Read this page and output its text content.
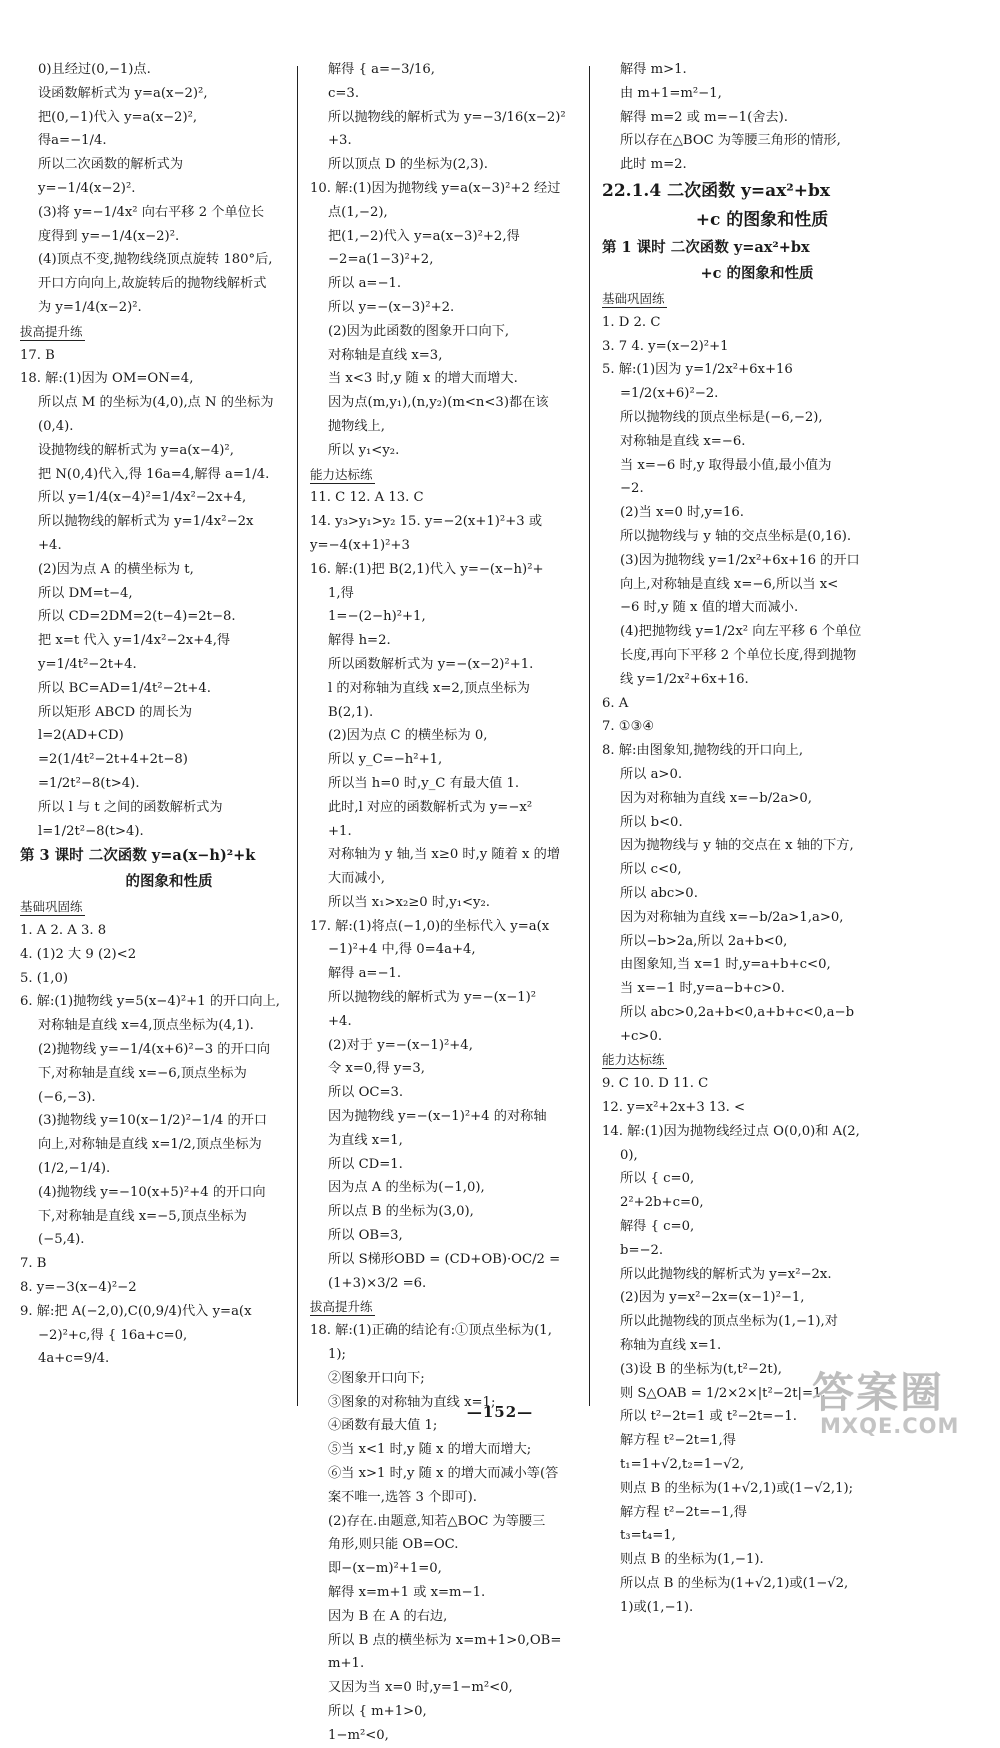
0)且经过(0,−1)点.
设函数解析式为 y=a(x−2)²,
把(0,−1)代入 y=a(x−2)²,
得a=−1/4.
所以二次函数的解析式为
y=−1/4(x−2)².
(3)将 y=−1/4x² 向右平移 2 个单位长
度得到 y=−1/4(x−2)².
(4)顶点不变,抛物线绕顶点旋转 180°后,
开口方向向上,故旋转后的抛物线解析式
为 y=1/4(x−2)².
拔高提升练
17. B
18. 解:(1)因为 OM=ON=4,
所以点 M 的坐标为(4,0),点 N 的坐标为
(0,4).
设抛物线的解析式为 y=a(x−4)²,
把 N(0,4)代入,得 16a=4,解得 a=1/4.
所以 y=1/4(x−4)²=1/4x²−2x+4,
所以抛物线的解析式为 y=1/4x²−2x
+4.
(2)因为点 A 的横坐标为 t,
所以 DM=t−4,
所以 CD=2DM=2(t−4)=2t−8.
把 x=t 代入 y=1/4x²−2x+4,得
y=1/4t²−2t+4.
所以 BC=AD=1/4t²−2t+4.
所以矩形 ABCD 的周长为
l=2(AD+CD)
=2(1/4t²−2t+4+2t−8)
=1/2t²−8(t>4).
所以 l 与 t 之间的函数解析式为
l=1/2t²−8(t>4).
第 3 课时 二次函数 y=a(x−h)²+k
的图象和性质
基础巩固练
1. A 2. A 3. 8
4. (1)2 大 9 (2)<2
5. (1,0)
6. 解:(1)抛物线 y=5(x−4)²+1 的开口向上,
对称轴是直线 x=4,顶点坐标为(4,1).
(2)抛物线 y=−1/4(x+6)²−3 的开口向
下,对称轴是直线 x=−6,顶点坐标为
(−6,−3).
(3)抛物线 y=10(x−1/2)²−1/4 的开口
向上,对称轴是直线 x=1/2,顶点坐标为
(1/2,−1/4).
(4)抛物线 y=−10(x+5)²+4 的开口向
下,对称轴是直线 x=−5,顶点坐标为
(−5,4).
7. B
8. y=−3(x−4)²−2
9. 解:把 A(−2,0),C(0,9/4)代入 y=a(x
−2)²+c,得 { 16a+c=0,
4a+c=9/4.
解得 { a=−3/16,
c=3.
所以抛物线的解析式为 y=−3/16(x−2)²
+3.
所以顶点 D 的坐标为(2,3).
10. 解:(1)因为抛物线 y=a(x−3)²+2 经过
点(1,−2),
把(1,−2)代入 y=a(x−3)²+2,得
−2=a(1−3)²+2,
所以 a=−1.
所以 y=−(x−3)²+2.
(2)因为此函数的图象开口向下,
对称轴是直线 x=3,
当 x<3 时,y 随 x 的增大而增大.
因为点(m,y₁),(n,y₂)(m<n<3)都在该
抛物线上,
所以 y₁<y₂.
能力达标练
11. C 12. A 13. C
14. y₃>y₁>y₂ 15. y=−2(x+1)²+3 或
y=−4(x+1)²+3
16. 解:(1)把 B(2,1)代入 y=−(x−h)²+
1,得
1=−(2−h)²+1,
解得 h=2.
所以函数解析式为 y=−(x−2)²+1.
l 的对称轴为直线 x=2,顶点坐标为
B(2,1).
(2)因为点 C 的横坐标为 0,
所以 y_C=−h²+1,
所以当 h=0 时,y_C 有最大值 1.
此时,l 对应的函数解析式为 y=−x²
+1.
对称轴为 y 轴,当 x≥0 时,y 随着 x 的增
大而减小,
所以当 x₁>x₂≥0 时,y₁<y₂.
17. 解:(1)将点(−1,0)的坐标代入 y=a(x
−1)²+4 中,得 0=4a+4,
解得 a=−1.
所以抛物线的解析式为 y=−(x−1)²
+4.
(2)对于 y=−(x−1)²+4,
令 x=0,得 y=3,
所以 OC=3.
因为抛物线 y=−(x−1)²+4 的对称轴
为直线 x=1,
所以 CD=1.
因为点 A 的坐标为(−1,0),
所以点 B 的坐标为(3,0),
所以 OB=3,
所以 S梯形OBD = (CD+OB)·OC/2 =
(1+3)×3/2 =6.
拔高提升练
18. 解:(1)正确的结论有:①顶点坐标为(1,
1);
②图象开口向下;
③图象的对称轴为直线 x=1;
④函数有最大值 1;
⑤当 x<1 时,y 随 x 的增大而增大;
⑥当 x>1 时,y 随 x 的增大而减小等(答
案不唯一,选答 3 个即可).
(2)存在.由题意,知若△BOC 为等腰三
角形,则只能 OB=OC.
即−(x−m)²+1=0,
解得 x=m+1 或 x=m−1.
因为 B 在 A 的右边,
所以 B 点的横坐标为 x=m+1>0,OB=
m+1.
又因为当 x=0 时,y=1−m²<0,
所以 { m+1>0,
1−m²<0,
解得 m>1.
由 m+1=m²−1,
解得 m=2 或 m=−1(舍去).
所以存在△BOC 为等腰三角形的情形,
此时 m=2.
22.1.4 二次函数 y=ax²+bx
+c 的图象和性质
第 1 课时 二次函数 y=ax²+bx
+c 的图象和性质
基础巩固练
1. D 2. C
3. 7 4. y=(x−2)²+1
5. 解:(1)因为 y=1/2x²+6x+16
=1/2(x+6)²−2.
所以抛物线的顶点坐标是(−6,−2),
对称轴是直线 x=−6.
当 x=−6 时,y 取得最小值,最小值为
−2.
(2)当 x=0 时,y=16.
所以抛物线与 y 轴的交点坐标是(0,16).
(3)因为抛物线 y=1/2x²+6x+16 的开口
向上,对称轴是直线 x=−6,所以当 x<
−6 时,y 随 x 值的增大而减小.
(4)把抛物线 y=1/2x² 向左平移 6 个单位
长度,再向下平移 2 个单位长度,得到抛物
线 y=1/2x²+6x+16.
6. A
7. ①③④
8. 解:由图象知,抛物线的开口向上,
所以 a>0.
因为对称轴为直线 x=−b/2a>0,
所以 b<0.
因为抛物线与 y 轴的交点在 x 轴的下方,
所以 c<0,
所以 abc>0.
因为对称轴为直线 x=−b/2a>1,a>0,
所以−b>2a,所以 2a+b<0,
由图象知,当 x=1 时,y=a+b+c<0,
当 x=−1 时,y=a−b+c>0.
所以 abc>0,2a+b<0,a+b+c<0,a−b
+c>0.
能力达标练
9. C 10. D 11. C
12. y=x²+2x+3 13. <
14. 解:(1)因为抛物线经过点 O(0,0)和 A(2,
0),
所以 { c=0,
2²+2b+c=0,
解得 { c=0,
b=−2.
所以此抛物线的解析式为 y=x²−2x.
(2)因为 y=x²−2x=(x−1)²−1,
所以此抛物线的顶点坐标为(1,−1),对
称轴为直线 x=1.
(3)设 B 的坐标为(t,t²−2t),
则 S△OAB = 1/2×2×|t²−2t|=1,
所以 t²−2t=1 或 t²−2t=−1.
解方程 t²−2t=1,得
t₁=1+√2,t₂=1−√2,
则点 B 的坐标为(1+√2,1)或(1−√2,1);
解方程 t²−2t=−1,得
t₃=t₄=1,
则点 B 的坐标为(1,−1).
所以点 B 的坐标为(1+√2,1)或(1−√2,
1)或(1,−1).
—152—	答案圈
MXQE.COM
